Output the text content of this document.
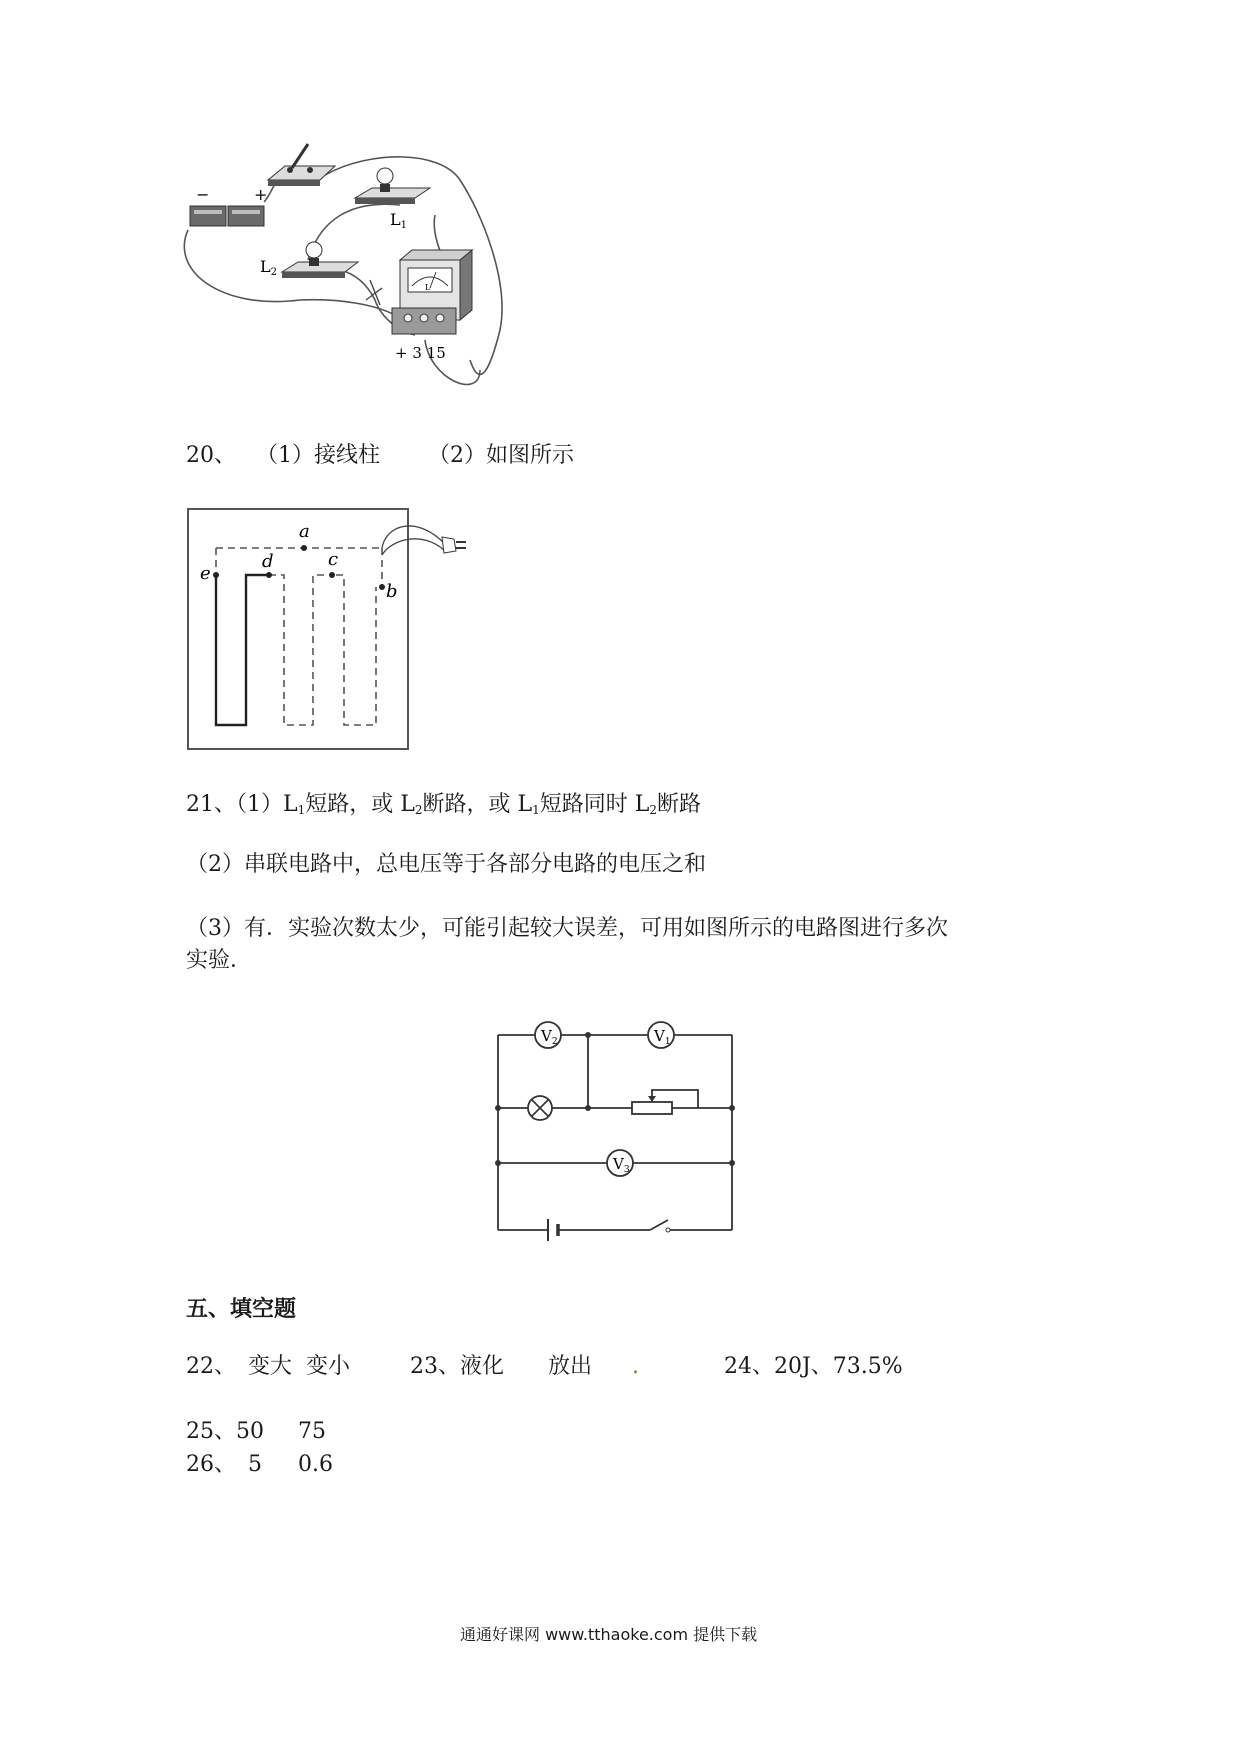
−	+
L1
L2
L
+ 3 15
20、 （1）接线柱 （2）如图所示
a
b
c
d
e
21、$(1)L_1$短路，或 $L_2$断路，或 $L_1$短路同时 $L_2$断路
（2）串联电路中，总电压等于各部分电路的电压之和
（3）有．实验次数太少，可能引起较大误差，可用如图所示的电路图进行多次
实验．
$V_2$	$V_1$
$V_3$
五、填空题
22、 变大  变小	23、液化 放出 .	24、20J、73.5%
25、50 75
26、 5 0.6
通通好课网 www.tthaoke.com 提供下载
